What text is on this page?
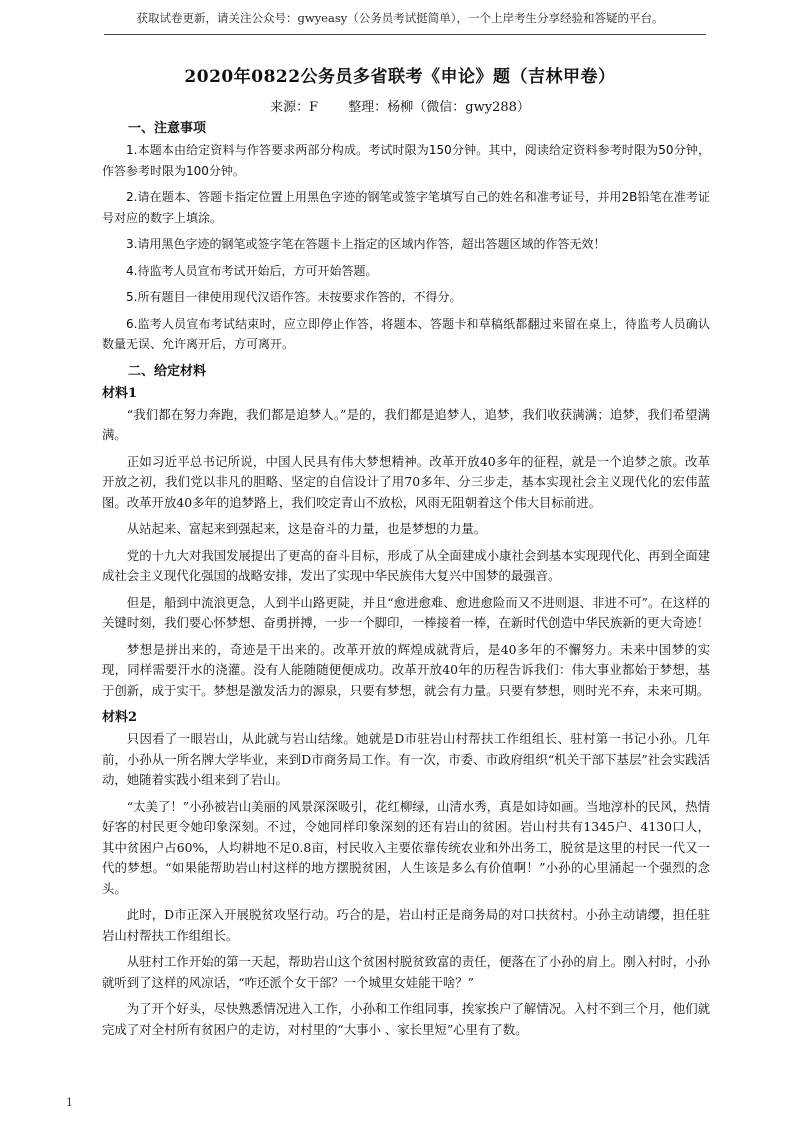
获取试卷更新，请关注公众号：gwyeasy（公务员考试挺简单），一个上岸考生分享经验和答疑的平台。
2020年0822公务员多省联考《申论》题（吉林甲卷）
来源：F 整理：杨柳（微信：gwy288）
一、注意事项

1.本题本由给定资料与作答要求两部分构成。考试时限为150分钟。其中，阅读给定资料参考时限为50分钟，作答参考时限为100分钟。

2.请在题本、答题卡指定位置上用黑色字迹的钢笔或签字笔填写自己的姓名和准考证号，并用2B铅笔在准考证号对应的数字上填涂。

3.请用黑色字迹的钢笔或签字笔在答题卡上指定的区域内作答，超出答题区域的作答无效！

4.待监考人员宣布考试开始后，方可开始答题。

5.所有题目一律使用现代汉语作答。未按要求作答的，不得分。

6.监考人员宣布考试结束时，应立即停止作答，将题本、答题卡和草稿纸都翻过来留在桌上，待监考人员确认数量无误、允许离开后，方可离开。

二、给定材料
材料1

“我们都在努力奔跑，我们都是追梦人。”是的，我们都是追梦人，追梦，我们收获满满；追梦，我们希望满满。

正如习近平总书记所说，中国人民具有伟大梦想精神。改革开放40多年的征程，就是一个追梦之旅。改革开放之初，我们党以非凡的胆略、坚定的自信设计了用70多年、分三步走，基本实现社会主义现代化的宏伟蓝图。改革开放40多年的追梦路上，我们咬定青山不放松，风雨无阻朝着这个伟大目标前进。

从站起来、富起来到强起来，这是奋斗的力量，也是梦想的力量。

党的十九大对我国发展提出了更高的奋斗目标，形成了从全面建成小康社会到基本实现现代化、再到全面建成社会主义现代化强国的战略安排，发出了实现中华民族伟大复兴中国梦的最强音。

但是，船到中流浪更急，人到半山路更陡，并且“愈进愈难、愈进愈险而又不进则退、非进不可”。在这样的关键时刻，我们要心怀梦想、奋勇拼搏，一步一个脚印，一棒接着一棒，在新时代创造中华民族新的更大奇迹！

梦想是拼出来的，奇迹是干出来的。改革开放的辉煌成就背后，是40多年的不懈努力。未来中国梦的实现，同样需要汗水的浇灌。没有人能随随便便成功。改革开放40年的历程告诉我们：伟大事业都始于梦想，基于创新，成于实干。梦想是激发活力的源泉，只要有梦想，就会有力量。只要有梦想，则时光不弃，未来可期。

材料2

只因看了一眼岩山，从此就与岩山结缘。她就是D市驻岩山村帮扶工作组组长、驻村第一书记小孙。几年前，小孙从一所名牌大学毕业，来到D市商务局工作。有一次，市委、市政府组织“机关干部下基层”社会实践活动，她随着实践小组来到了岩山。

“太美了！”小孙被岩山美丽的风景深深吸引，花红柳绿，山清水秀，真是如诗如画。当地淳朴的民风，热情好客的村民更令她印象深刻。不过，令她同样印象深刻的还有岩山的贫困。岩山村共有1345户、4130口人，其中贫困户占60%，人均耕地不足0.8亩，村民收入主要依靠传统农业和外出务工，脱贫是这里的村民一代又一代的梦想。“如果能帮助岩山村这样的地方摆脱贫困，人生该是多么有价值啊！”小孙的心里涌起一个强烈的念头。

此时，D市正深入开展脱贫攻坚行动。巧合的是，岩山村正是商务局的对口扶贫村。小孙主动请缨，担任驻岩山村帮扶工作组组长。

从驻村工作开始的第一天起，帮助岩山这个贫困村脱贫致富的责任，便落在了小孙的肩上。刚入村时，小孙就听到了这样的风凉话，“咋还派个女干部？一个城里女娃能干啥？”

为了开个好头，尽快熟悉情况进入工作，小孙和工作组同事，挨家挨户了解情况。入村不到三个月，他们就完成了对全村所有贫困户的走访，对村里的“大事小 、家长里短”心里有了数。

1
